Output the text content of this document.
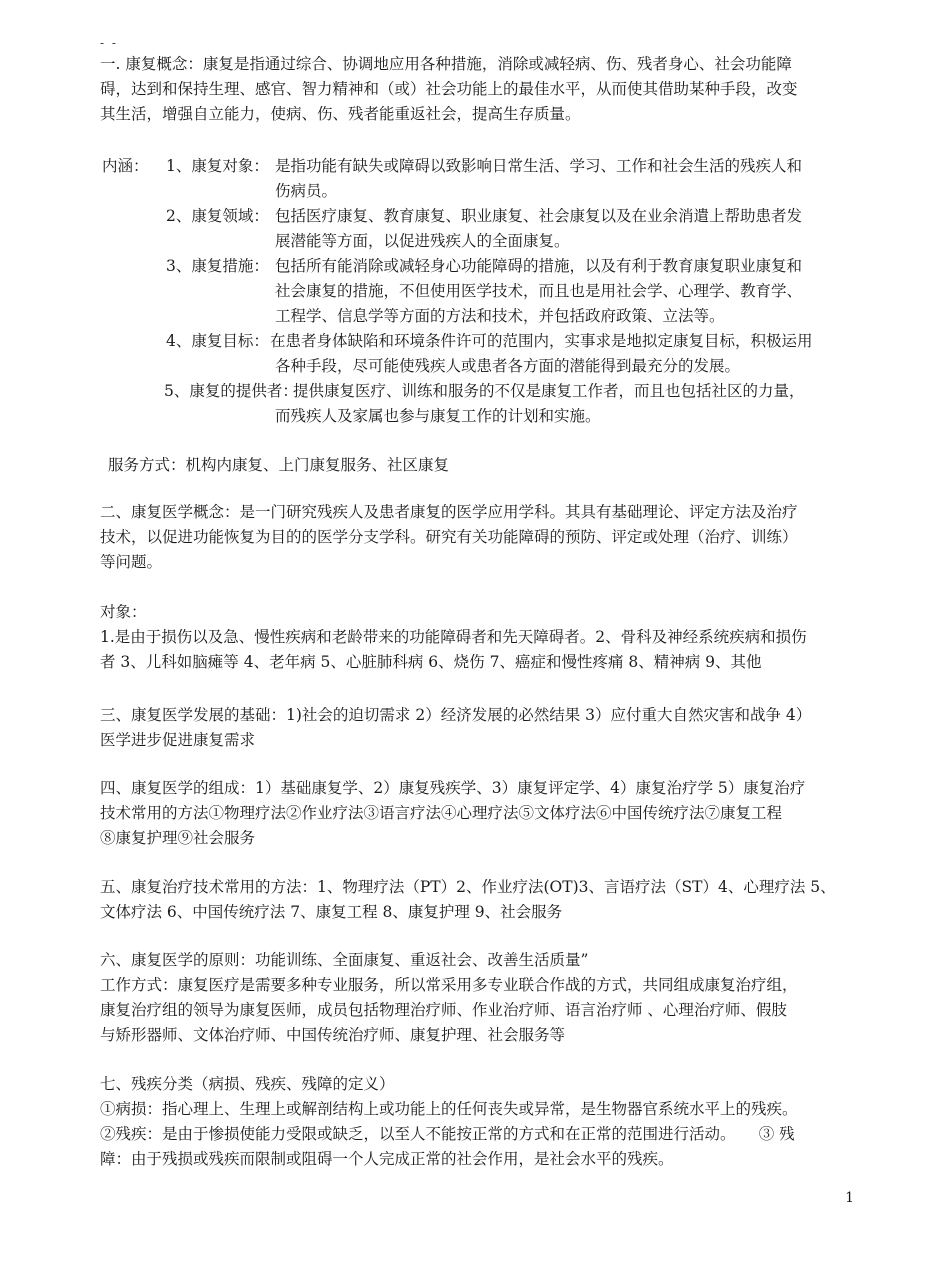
- -
一. 康复概念：康复是指通过综合、协调地应用各种措施，消除或减轻病、伤、残者身心、社会功能障
碍，达到和保持生理、感官、智力精神和（或）社会功能上的最佳水平，从而使其借助某种手段，改变
其生活，增强自立能力，使病、伤、残者能重返社会，提高生存质量。
内涵： 1、康复对象： 是指功能有缺失或障碍以致影响日常生活、学习、工作和社会生活的残疾人和
伤病员。
2、康复领域： 包括医疗康复、教育康复、职业康复、社会康复以及在业余消遣上帮助患者发
展潜能等方面，以促进残疾人的全面康复。
3、康复措施： 包括所有能消除或减轻身心功能障碍的措施，以及有利于教育康复职业康复和
社会康复的措施，不但使用医学技术，而且也是用社会学、心理学、教育学、
工程学、信息学等方面的方法和技术，并包括政府政策、立法等。
4、康复目标： 在患者身体缺陷和环境条件许可的范围内，实事求是地拟定康复目标，积极运用
各种手段，尽可能使残疾人或患者各方面的潜能得到最充分的发展。
5、康复的提供者：
提供康复医疗、训练和服务的不仅是康复工作者，而且也包括社区的力量，
而残疾人及家属也参与康复工作的计划和实施。
服务方式：机构内康复、上门康复服务、社区康复
二、康复医学概念：是一门研究残疾人及患者康复的医学应用学科。其具有基础理论、评定方法及治疗
技术，以促进功能恢复为目的的医学分支学科。研究有关功能障碍的预防、评定或处理（治疗、训练）
等问题。
对象：
1.是由于损伤以及急、慢性疾病和老龄带来的功能障碍者和先天障碍者。2、骨科及神经系统疾病和损伤
者 3、儿科如脑瘫等 4、老年病 5、心脏肺科病 6、烧伤 7、癌症和慢性疼痛 8、精神病 9、其他
三、康复医学发展的基础：1)社会的迫切需求 2）经济发展的必然结果 3）应付重大自然灾害和战争 4）
医学进步促进康复需求
四、康复医学的组成：1）基础康复学、2）康复残疾学、3）康复评定学、4）康复治疗学 5）康复治疗
技术常用的方法①物理疗法②作业疗法③语言疗法④心理疗法⑤文体疗法⑥中国传统疗法⑦康复工程
⑧康复护理⑨社会服务
五、康复治疗技术常用的方法：1、物理疗法（PT）2、作业疗法(OT)3、言语疗法（ST）4、心理疗法 5、
文体疗法 6、中国传统疗法 7、康复工程 8、康复护理 9、社会服务
六、康复医学的原则：功能训练、全面康复、重返社会、改善生活质量”
工作方式：康复医疗是需要多种专业服务，所以常采用多专业联合作战的方式，共同组成康复治疗组，
康复治疗组的领导为康复医师，成员包括物理治疗师、作业治疗师、语言治疗师 、心理治疗师、假肢
与矫形器师、文体治疗师、中国传统治疗师、康复护理、社会服务等
七、残疾分类（病损、残疾、残障的定义）
①病损：指心理上、生理上或解剖结构上或功能上的任何丧失或异常，是生物器官系统水平上的残疾。
②残疾：是由于惨损使能力受限或缺乏，以至人不能按正常的方式和在正常的范围进行活动。　　③ 残
障：由于残损或残疾而限制或阻碍一个人完成正常的社会作用，是社会水平的残疾。
1
